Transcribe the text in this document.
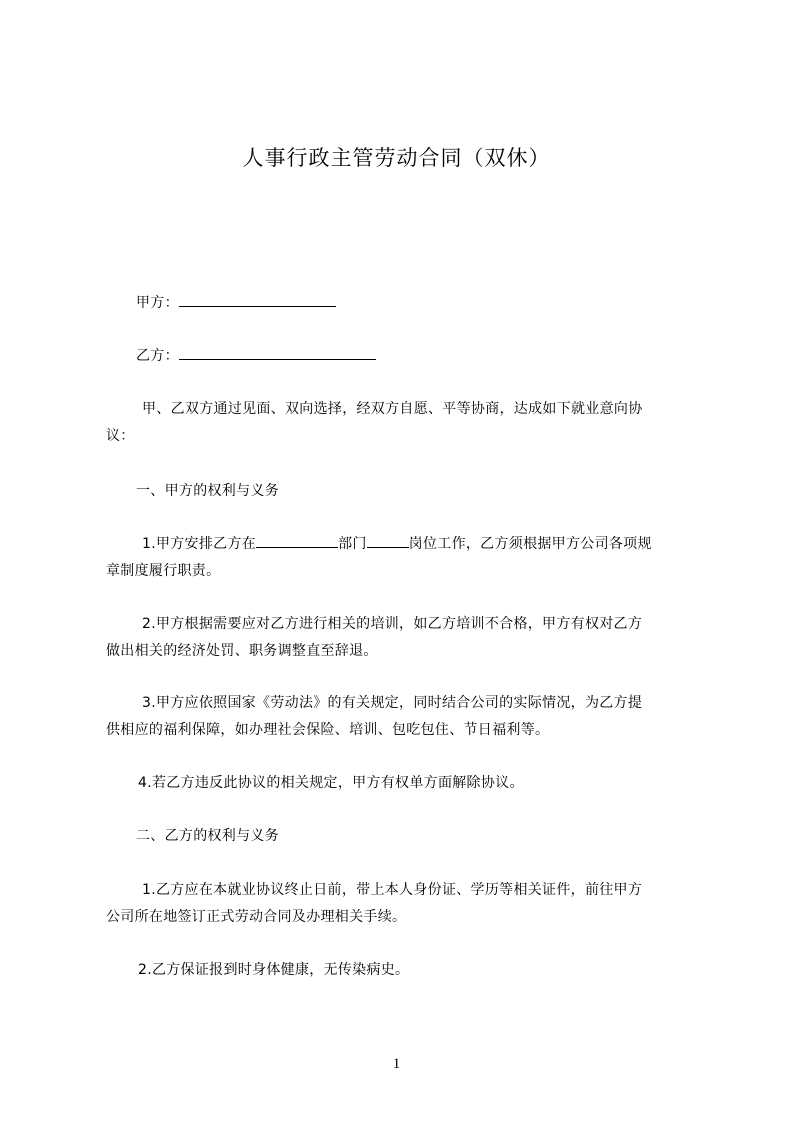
人事行政主管劳动合同（双休）
甲方：
乙方：
甲、乙双方通过见面、双向选择，经双方自愿、平等协商，达成如下就业意向协
议：
一、甲方的权利与义务
1.甲方安排乙方在	部门	岗位工作，乙方须根据甲方公司各项规
章制度履行职责。
2.甲方根据需要应对乙方进行相关的培训，如乙方培训不合格，甲方有权对乙方
做出相关的经济处罚、职务调整直至辞退。
3.甲方应依照国家《劳动法》的有关规定，同时结合公司的实际情况，为乙方提
供相应的福利保障，如办理社会保险、培训、包吃包住、节日福利等。
4.若乙方违反此协议的相关规定，甲方有权单方面解除协议。
二、乙方的权利与义务
1.乙方应在本就业协议终止日前，带上本人身份证、学历等相关证件，前往甲方
公司所在地签订正式劳动合同及办理相关手续。
2.乙方保证报到时身体健康，无传染病史。
1
